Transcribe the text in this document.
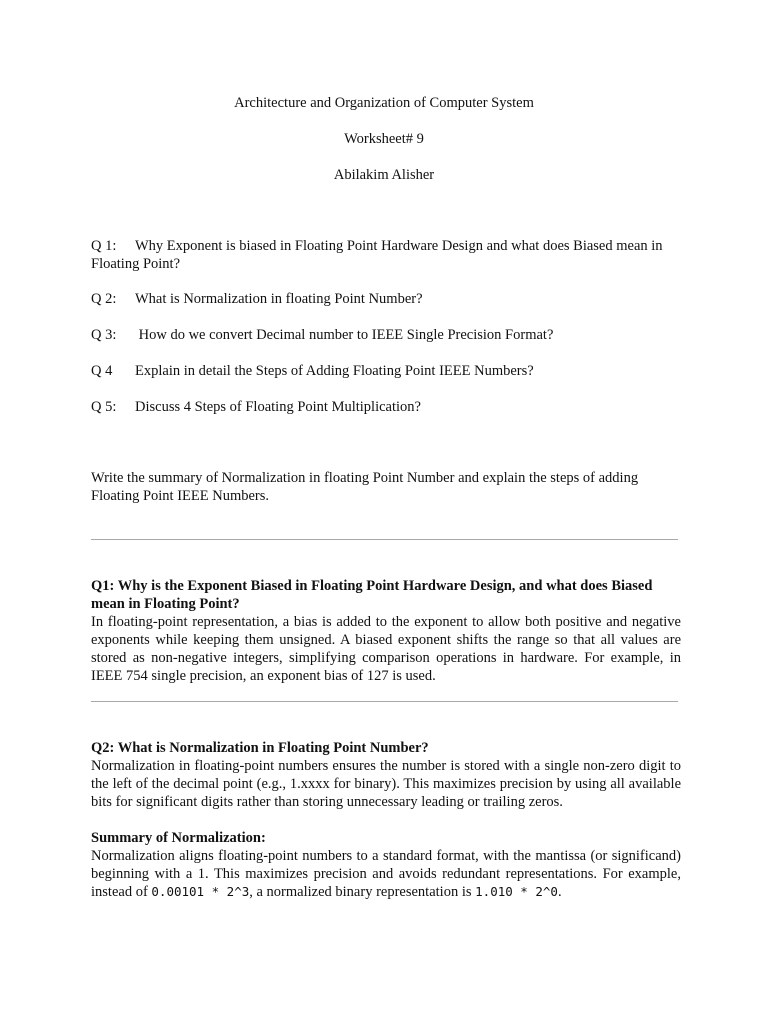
Architecture and Organization of Computer System
Worksheet# 9
Abilakim Alisher
Q 1: Why Exponent is biased in Floating Point Hardware Design and what does Biased mean in Floating Point?
Q 2: What is Normalization in floating Point Number?
Q 3: How do we convert Decimal number to IEEE Single Precision Format?
Q 4 Explain in detail the Steps of Adding Floating Point IEEE Numbers?
Q 5: Discuss 4 Steps of Floating Point Multiplication?
Write the summary of Normalization in floating Point Number and explain the steps of adding Floating Point IEEE Numbers.
Q1: Why is the Exponent Biased in Floating Point Hardware Design, and what does Biased mean in Floating Point?
In floating-point representation, a bias is added to the exponent to allow both positive and negative exponents while keeping them unsigned. A biased exponent shifts the range so that all values are stored as non-negative integers, simplifying comparison operations in hardware. For example, in IEEE 754 single precision, an exponent bias of 127 is used.
Q2: What is Normalization in Floating Point Number?
Normalization in floating-point numbers ensures the number is stored with a single non-zero digit to the left of the decimal point (e.g., 1.xxxx for binary). This maximizes precision by using all available bits for significant digits rather than storing unnecessary leading or trailing zeros.
Summary of Normalization:
Normalization aligns floating-point numbers to a standard format, with the mantissa (or significand) beginning with a 1. This maximizes precision and avoids redundant representations. For example, instead of 0.00101 * 2^3, a normalized binary representation is 1.010 * 2^0.
